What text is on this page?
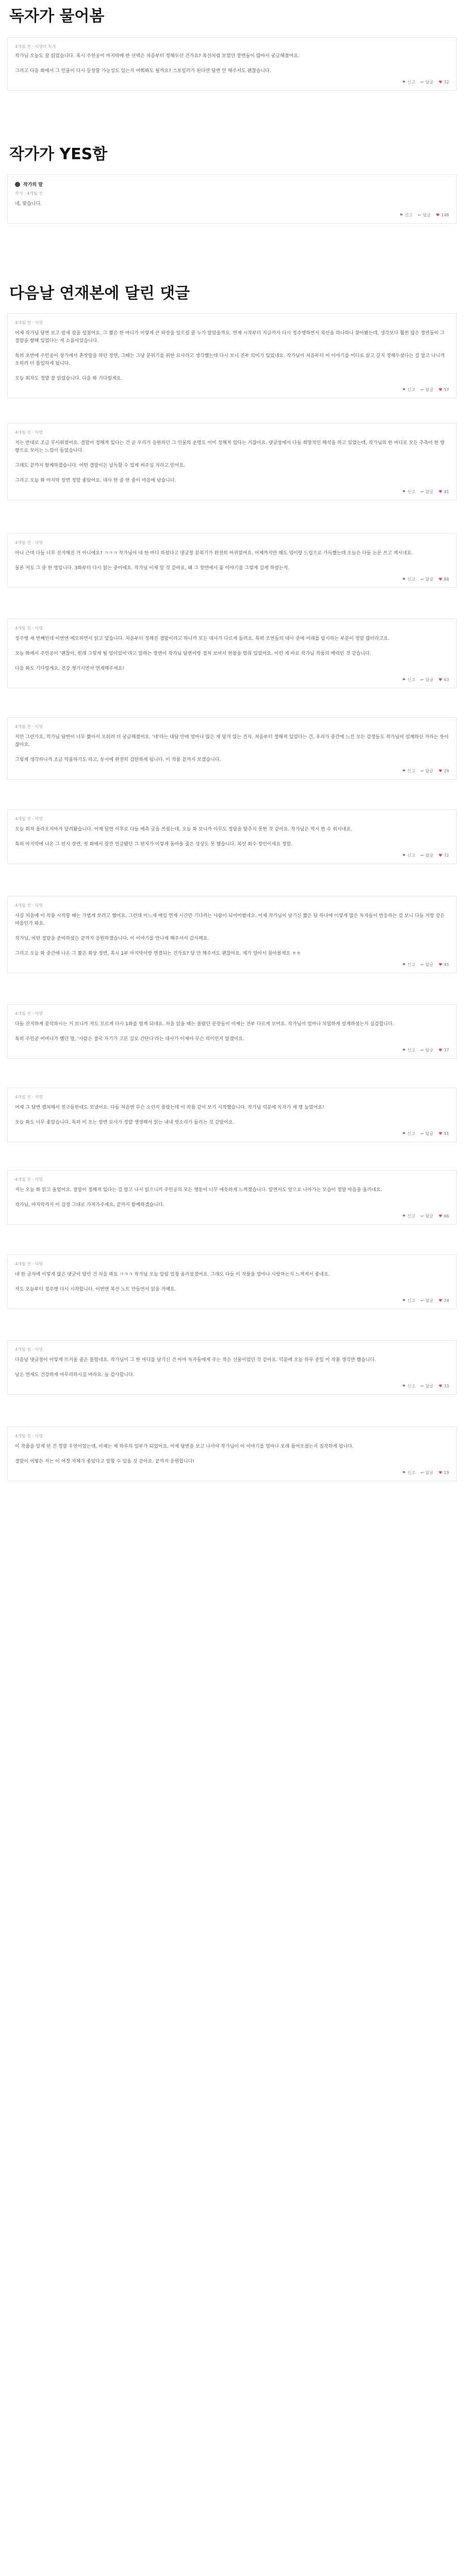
독자가 물어봄
4개월 전 · 익명의 독자

작가님 오늘도 잘 읽었습니다. 혹시 주인공이 마지막에 한 선택은 처음부터 정해두신 건가요? 복선처럼 보였던 장면들이 많아서 궁금해졌어요.

그리고 다음 화에서 그 인물이 다시 등장할 가능성도 있는지 여쭤봐도 될까요? 스포일러가 된다면 답변 안 해주셔도 괜찮습니다.

⚑ 신고 ↩ 답글 ♥ 32
작가가 YES함
작가의 말
작가 · 4개월 전

네, 맞습니다.

⚑ 신고 ↩ 답글 ♥ 148
다음날 연재본에 달린 댓글
4개월 전 · 익명

어제 작가님 답변 보고 밤새 잠을 설쳤어요. 그 짧은 한 마디가 이렇게 큰 파장을 일으킬 줄 누가 알았을까요. 연재 시작부터 지금까지 다시 정주행하면서 복선을 하나하나 찾아봤는데, 생각보다 훨씬 많은 장면들이 그 결말을 향해 있었다는 게 소름이었습니다.

특히 초반에 주인공이 창가에서 혼잣말을 하던 장면, 그때는 그냥 분위기를 위한 묘사라고 생각했는데 다시 보니 전부 의미가 있었네요. 작가님이 처음부터 이 이야기를 어디로 끌고 갈지 정해두셨다는 걸 알고 나니까 오히려 더 몰입하게 됩니다.

오늘 회차도 정말 잘 읽었습니다. 다음 화 기다릴게요.

⚑ 신고 ↩ 답글 ♥ 57
4개월 전 · 익명

저는 반대로 조금 무서워졌어요. 결말이 정해져 있다는 건 곧 우리가 응원하던 그 인물의 운명도 이미 정해져 있다는 거잖아요. 댓글창에서 다들 희망적인 해석을 하고 있었는데, 작가님의 한 마디로 모든 추측이 한 방향으로 모이는 느낌이 들었습니다.

그래도 끝까지 함께하겠습니다. 어떤 결말이든 납득할 수 있게 써주실 거라고 믿어요.

그리고 오늘 화 마지막 장면 정말 좋았어요. 대사 한 줄 한 줄이 마음에 남습니다.

⚑ 신고 ↩ 답글 ♥ 41
4개월 전 · 익명

아니 근데 다들 너무 진지해진 거 아니에요? ㅋㅋㅋ 작가님이 네 한 마디 하셨다고 댓글창 분위기가 완전히 바뀌었어요. 어제까지만 해도 밈이랑 드립으로 가득했는데 오늘은 다들 논문 쓰고 계시네요.

물론 저도 그 중 한 명입니다. 3화부터 다시 읽는 중이에요. 작가님 이제 알 것 같아요, 왜 그 장면에서 꽃 이야기를 그렇게 길게 하셨는지.

⚑ 신고 ↩ 답글 ♥ 88
4개월 전 · 익명

정주행 세 번째인데 이번엔 메모하면서 읽고 있습니다. 처음부터 정해진 결말이라고 하니까 모든 대사가 다르게 들려요. 특히 조연들의 대사 중에 미래를 암시하는 부분이 정말 많더라고요.

오늘 화에서 주인공이 '괜찮아, 원래 그렇게 될 일이었어'라고 말하는 장면이 작가님 답변이랑 겹쳐 보여서 한참을 멈춰 있었어요. 이런 게 바로 작가님 작품의 매력인 것 같습니다.

다음 화도 기다릴게요. 건강 챙기시면서 연재해주세요!

⚑ 신고 ↩ 답글 ♥ 63
4개월 전 · 익명

저만 그런가요, 작가님 답변이 너무 짧아서 오히려 더 궁금해졌어요. '네'라는 대답 안에 얼마나 많은 게 담겨 있는 건지. 처음부터 정해져 있었다는 건, 우리가 중간에 느낀 모든 감정들도 작가님이 설계하신 거라는 뜻이잖아요.

그렇게 생각하니까 조금 억울하기도 하고, 동시에 완전히 감탄하게 됩니다. 이 작품 끝까지 보겠습니다.

⚑ 신고 ↩ 답글 ♥ 29
4개월 전 · 익명

오늘 회차 올라오자마자 달려왔습니다. 어제 답변 이후로 다들 예측 글을 쓰셨는데, 오늘 화 보니까 아무도 정답을 맞추지 못한 것 같아요. 작가님은 역시 한 수 위시네요.

특히 마지막에 나온 그 편지 장면, 첫 화에서 잠깐 언급됐던 그 편지가 이렇게 돌아올 줄은 상상도 못 했습니다. 복선 회수 장인이세요 정말.

⚑ 신고 ↩ 답글 ♥ 72
4개월 전 · 익명

사실 처음에 이 작품 시작할 때는 가볍게 보려고 했어요. 그런데 어느새 매일 연재 시간만 기다리는 사람이 되어버렸네요. 어제 작가님이 남기신 짧은 답 하나에 이렇게 많은 독자들이 반응하는 걸 보니 다들 저랑 같은 마음인가 봐요.

작가님, 어떤 결말을 준비하셨든 끝까지 응원하겠습니다. 이 이야기를 만나게 해주셔서 감사해요.

그리고 오늘 화 중간에 나온 그 짧은 회상 장면, 혹시 1부 마지막이랑 연결되는 건가요? 답 안 해주셔도 괜찮아요. 제가 알아서 찾아볼게요 ㅎㅎ

⚑ 신고 ↩ 답글 ♥ 45
4개월 전 · 익명

다들 진지하게 분석하시는 거 보니까 저도 모르게 다시 1화를 열게 되네요. 처음 읽을 때는 몰랐던 문장들이 이제는 전부 다르게 보여요. 작가님이 얼마나 치밀하게 설계하셨는지 실감합니다.

특히 주인공 어머니가 했던 말, '사람은 결국 자기가 고른 길로 간단다'라는 대사가 이제야 무슨 의미인지 알겠어요.

⚑ 신고 ↩ 답글 ♥ 37
4개월 전 · 익명

어제 그 답변 캡처해서 친구들한테도 보냈어요. 다들 처음엔 무슨 소린지 몰랐는데 이 작품 같이 보기 시작했습니다. 작가님 덕분에 독자가 세 명 늘었어요!

오늘 화도 너무 좋았습니다. 특히 비 오는 장면 묘사가 정말 생생해서 읽는 내내 빗소리가 들리는 것 같았어요.

⚑ 신고 ↩ 답글 ♥ 51
4개월 전 · 익명

저는 오늘 화 읽고 울었어요. 결말이 정해져 있다는 걸 알고 나서 읽으니까 주인공의 모든 행동이 너무 애틋하게 느껴졌습니다. 알면서도 앞으로 나아가는 모습이 정말 마음을 울리네요.

작가님, 마지막까지 이 감정 그대로 가져가주세요. 끝까지 함께하겠습니다.

⚑ 신고 ↩ 답글 ♥ 66
4개월 전 · 익명

네 한 글자에 이렇게 많은 댓글이 달린 건 처음 봐요 ㅋㅋㅋ 작가님 오늘 알림 엄청 울리셨겠어요. 그래도 다들 이 작품을 얼마나 사랑하는지 느껴져서 좋네요.

저도 오늘부터 정주행 다시 시작합니다. 이번엔 복선 노트 만들면서 읽을 거예요.

⚑ 신고 ↩ 답글 ♥ 24
4개월 전 · 익명

다음날 댓글창이 이렇게 뜨거울 줄은 몰랐네요. 작가님이 그 한 마디를 남기신 건 아마 독자들에게 주는 작은 선물이었던 것 같아요. 덕분에 오늘 하루 종일 이 작품 생각만 했습니다.

남은 연재도 건강하게 마무리하시길 바라요. 늘 감사합니다.

⚑ 신고 ↩ 답글 ♥ 33
4개월 전 · 익명

이 작품을 알게 된 건 정말 우연이었는데, 이제는 제 하루의 일부가 되었어요. 어제 답변을 보고 나서야 작가님이 이 이야기를 얼마나 오래 품어오셨는지 짐작하게 됩니다.

결말이 어떻든 저는 이 여정 자체가 좋았다고 말할 수 있을 것 같아요. 끝까지 응원합니다!

⚑ 신고 ↩ 답글 ♥ 19
